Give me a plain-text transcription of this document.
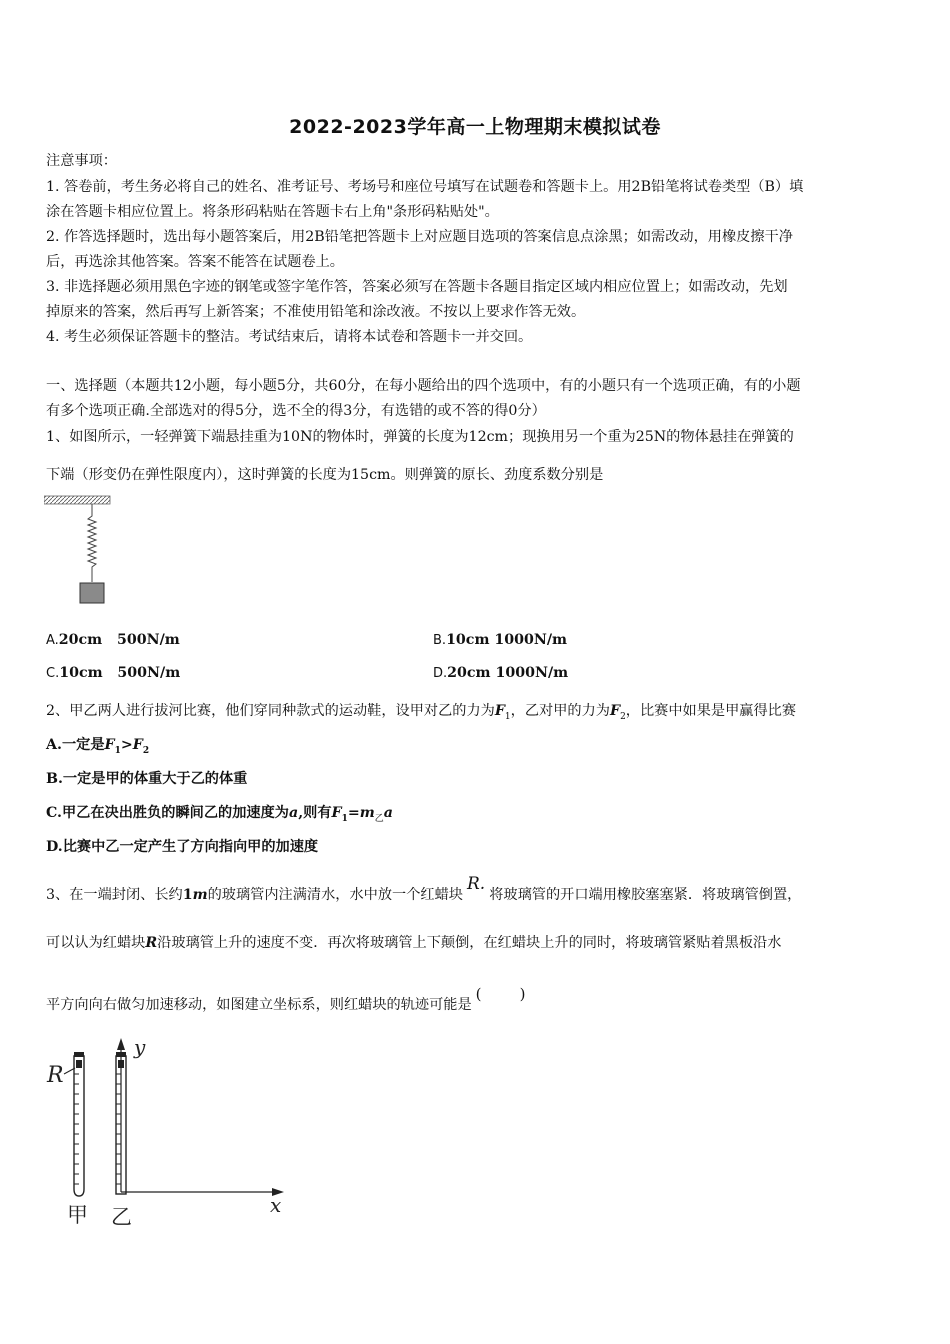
2022-2023学年高一上物理期末模拟试卷
注意事项：
1. 答卷前，考生务必将自己的姓名、准考证号、考场号和座位号填写在试题卷和答题卡上。用2B铅笔将试卷类型（B）填
涂在答题卡相应位置上。将条形码粘贴在答题卡右上角"条形码粘贴处"。
2. 作答选择题时，选出每小题答案后，用2B铅笔把答题卡上对应题目选项的答案信息点涂黑；如需改动，用橡皮擦干净
后，再选涂其他答案。答案不能答在试题卷上。
3. 非选择题必须用黑色字迹的钢笔或签字笔作答，答案必须写在答题卡各题目指定区域内相应位置上；如需改动，先划
掉原来的答案，然后再写上新答案；不准使用铅笔和涂改液。不按以上要求作答无效。
4. 考生必须保证答题卡的整洁。考试结束后，请将本试卷和答题卡一并交回。
一、选择题（本题共12小题，每小题5分，共60分，在每小题给出的四个选项中，有的小题只有一个选项正确，有的小题
有多个选项正确.全部选对的得5分，选不全的得3分，有选错的或不答的得0分）
1、如图所示，一轻弹簧下端悬挂重为10N的物体时，弹簧的长度为12cm；现换用另一个重为25N的物体悬挂在弹簧的
下端（形变仍在弹性限度内），这时弹簧的长度为15cm。则弹簧的原长、劲度系数分别是
A.20cm   500N/m	B.10cm 1000N/m
C.10cm   500N/m	D.20cm 1000N/m
2、甲乙两人进行拔河比赛，他们穿同种款式的运动鞋，设甲对乙的力为$F_1$，乙对甲的力为$F_2$，比赛中如果是甲赢得比赛
A.一定是$F_1>F_2$
B.一定是甲的体重大于乙的体重
C.甲乙在决出胜负的瞬间乙的加速度为a,则有$F_1=m_乙a$
D.比赛中乙一定产生了方向指向甲的加速度
3、在一端封闭、长约1m的玻璃管内注满清水，水中放一个红蜡块R.将玻璃管的开口端用橡胶塞塞紧．将玻璃管倒置，
可以认为红蜡块R沿玻璃管上升的速度不变．再次将玻璃管上下颠倒，在红蜡块上升的同时，将玻璃管紧贴着黑板沿水
平方向向右做匀加速移动，如图建立坐标系，则红蜡块的轨迹可能是(        )
R
甲
y
x
乙
